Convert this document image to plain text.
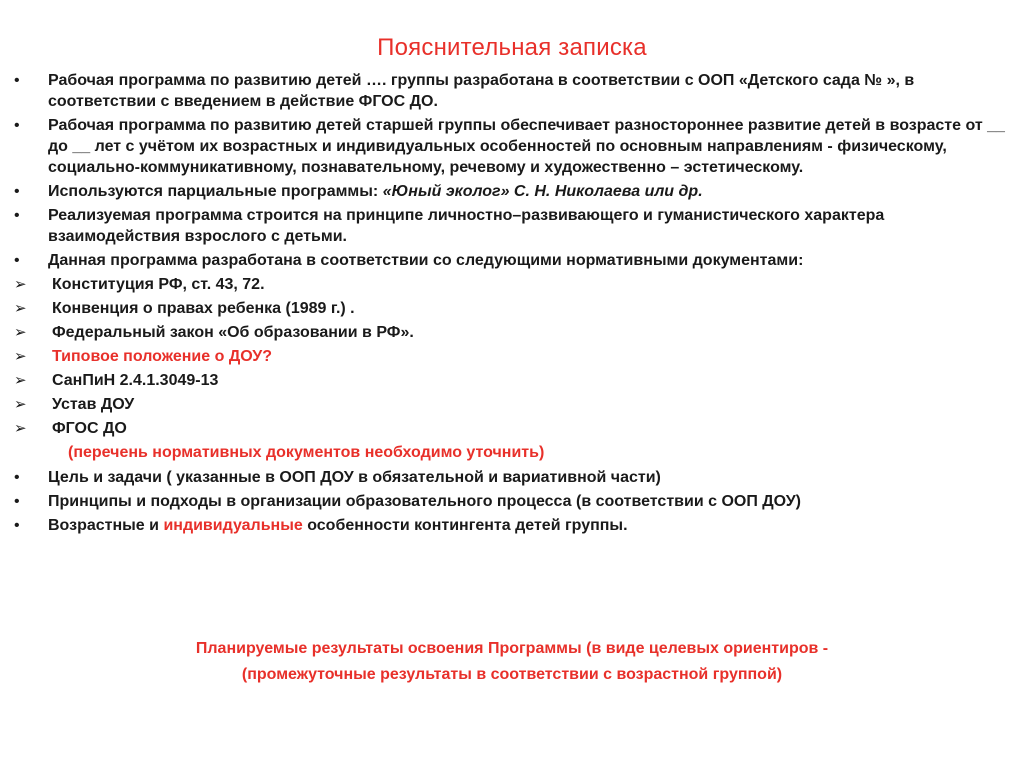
Пояснительная записка
•	Рабочая программа по развитию детей …. группы разработана в соответствии с ООП «Детского сада № », в соответствии с введением в действие ФГОС ДО.
•	Рабочая программа по развитию детей старшей группы обеспечивает разностороннее развитие детей в возрасте от __ до __ лет с учётом их возрастных и индивидуальных особенностей по основным направлениям - физическому, социально-коммуникативному, познавательному, речевому и художественно – эстетическому.
•	Используются парциальные программы: «Юный эколог» С. Н. Николаева или др.
•	Реализуемая программа строится на принципе личностно–развивающего и гуманистического характера взаимодействия взрослого с детьми.
•	Данная программа разработана в соответствии со следующими нормативными документами:
➢	Конституция РФ, ст. 43, 72.
➢	Конвенция о правах ребенка (1989 г.) .
➢	Федеральный закон «Об образовании в РФ».
➢	Типовое положение о ДОУ?
➢	СанПиН 2.4.1.3049-13
➢	Устав ДОУ
➢	ФГОС ДО
(перечень нормативных документов необходимо уточнить)
•	Цель и задачи ( указанные в ООП ДОУ в обязательной и вариативной части)
•	Принципы и подходы в организации образовательного процесса (в соответствии с ООП ДОУ)
•	Возрастные и индивидуальные особенности контингента детей группы.
Планируемые результаты освоения Программы (в виде целевых ориентиров -
(промежуточные результаты в соответствии с возрастной группой)
